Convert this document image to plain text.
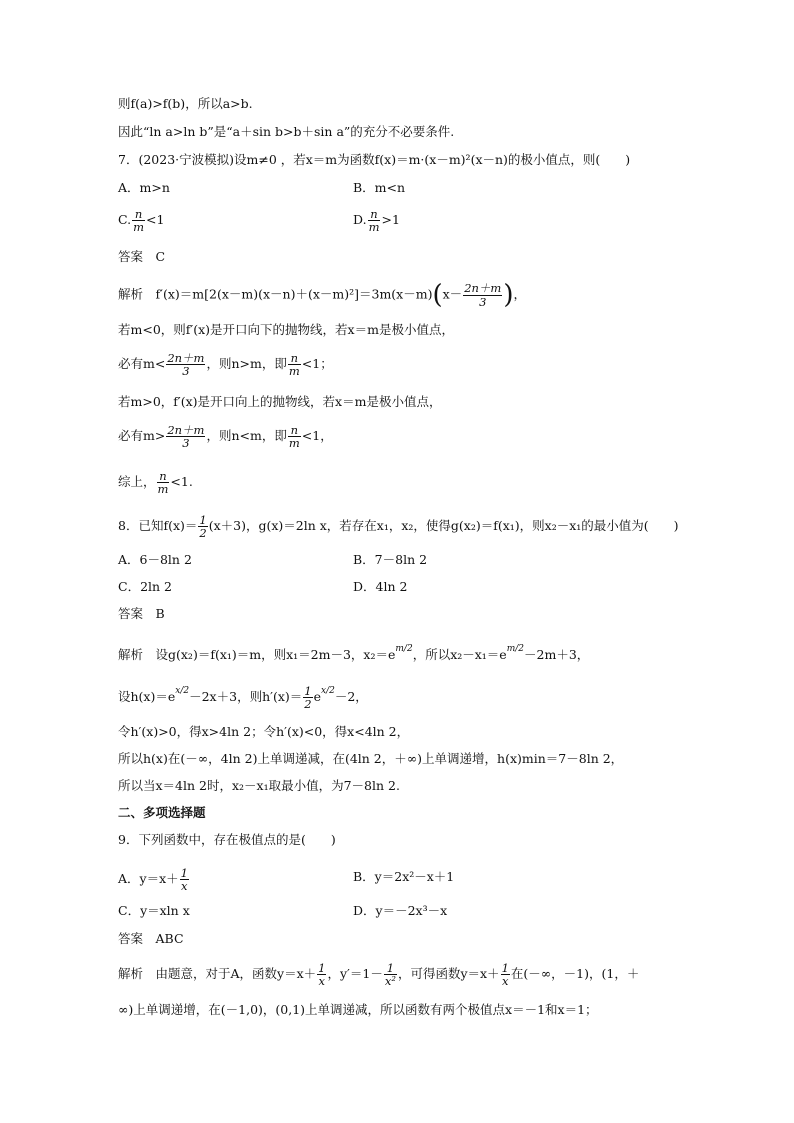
则f(a)>f(b)，所以a>b.
因此“ln a>ln b”是“a＋sin b>b＋sin a”的充分不必要条件.
7．(2023·宁波模拟)设m≠0 ，若x＝m为函数f(x)＝m·(x－m)²(x－n)的极小值点，则(　　)
A．m>n	B．m<n
C. $\frac{n}{m} <1$	D. $\frac{n}{m} >1$
答案　C
解析　$f'(x)=m[2(x-m)(x-n)+(x-m)^2]=3m(x-m)(x- \frac{2n+m}{3}$ )，
若m<0，则f′(x)是开口向下的抛物线，若x＝m是极小值点，
必有$m< \frac{2n+m}{3}$ ，则n>m，即 $\frac{n}{m} <1$；
若m>0，f′(x)是开口向上的抛物线，若x＝m是极小值点，
必有$m> \frac{2n+m}{3}$ ，则n<m，即 $\frac{n}{m} <1$，
综上， $\frac{n}{m} <1$.
8．已知$f(x)= \frac{1}{2} (x+3)$，g(x)＝2ln x，若存在x₁，x₂，使得g(x₂)＝f(x₁)，则x₂－x₁的最小值为(　　)
A．6－8ln 2	B．7－8ln 2
C．2ln 2	D．4ln 2
答案　B
解析　设g(x₂)＝f(x₁)＝m，则x₁＝2m－3，$x_2=e^{m/2}$，所以$x_2-x_1=e^{m/2}-2m+3$，
设$h(x)=e^{x/2}-2x+3$，则$h'(x)= \frac{1}{2} e^{x/2}-2$，
令h′(x)>0，得x>4ln 2；令h′(x)<0，得x<4ln 2，
所以h(x)在(－∞，4ln 2)上单调递减，在(4ln 2，＋∞)上单调递增，h(x)min＝7－8ln 2，
所以当x＝4ln 2时，x₂－x₁取最小值，为7－8ln 2.
二、多项选择题
9．下列函数中，存在极值点的是(　　)
A．$y=x+ \frac{1}{x}$	B．y＝2x²－x＋1
C．y＝xln x	D．y＝－2x³－x
答案　ABC
解析　由题意，对于A，函数$y=x+ \frac{1}{x}$ ，$y'=1- \frac{1}{\text{x²}}$ ，可得函数$y=x+ \frac{1}{x}$ 在(－∞，－1)，(1，＋
∞)上单调递增，在(－1,0)，(0,1)上单调递减，所以函数有两个极值点x＝－1和x＝1；
